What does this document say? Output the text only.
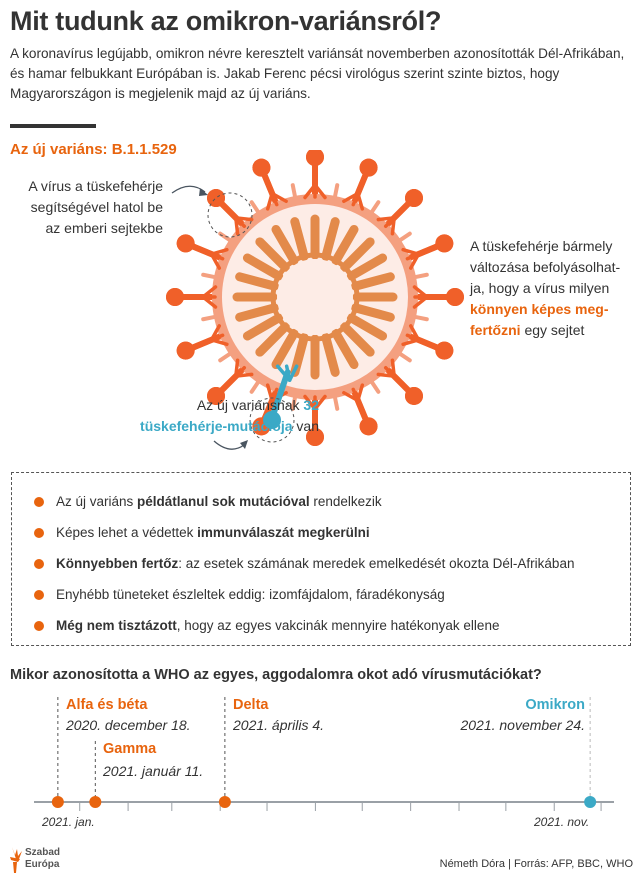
Mit tudunk az omikron-variánsról?
A koronavírus legújabb, omikron névre keresztelt variánsát novemberben azonosították Dél-Afrikában, és hamar felbukkant Európában is. Jakab Ferenc pécsi virológus szerint szinte biztos, hogy Magyarországon is megjelenik majd az új variáns.
Az új variáns: B.1.1.529
A vírus a tüskefehérje
segítségével hatol be
az emberi sejtekbe
A tüskefehérje bármely
változása befolyásolhat-
ja, hogy a vírus milyen
könnyen képes meg-
fertőzni egy sejtet
Az új variánsnak 32
tüskefehérje-mutációja van
Az új variáns példátlanul sok mutációval rendelkezik
Képes lehet a védettek immunválaszát megkerülni
Könnyebben fertőz: az esetek számának meredek emelkedését okozta Dél-Afrikában
Enyhébb tüneteket észleltek eddig: izomfájdalom, fáradékonyság
Még nem tisztázott, hogy az egyes vakcinák mennyire hatékonyak ellene
Mikor azonosította a WHO az egyes, aggodalomra okot adó vírusmutációkat?
Alfa és béta
2020. december 18.
Gamma
2021. január 11.
Delta
2021. április 4.
Omikron
2021. november 24.
2021. jan.	2021. nov.
Szabad
Európa	Németh Dóra | Forrás: AFP, BBC, WHO
